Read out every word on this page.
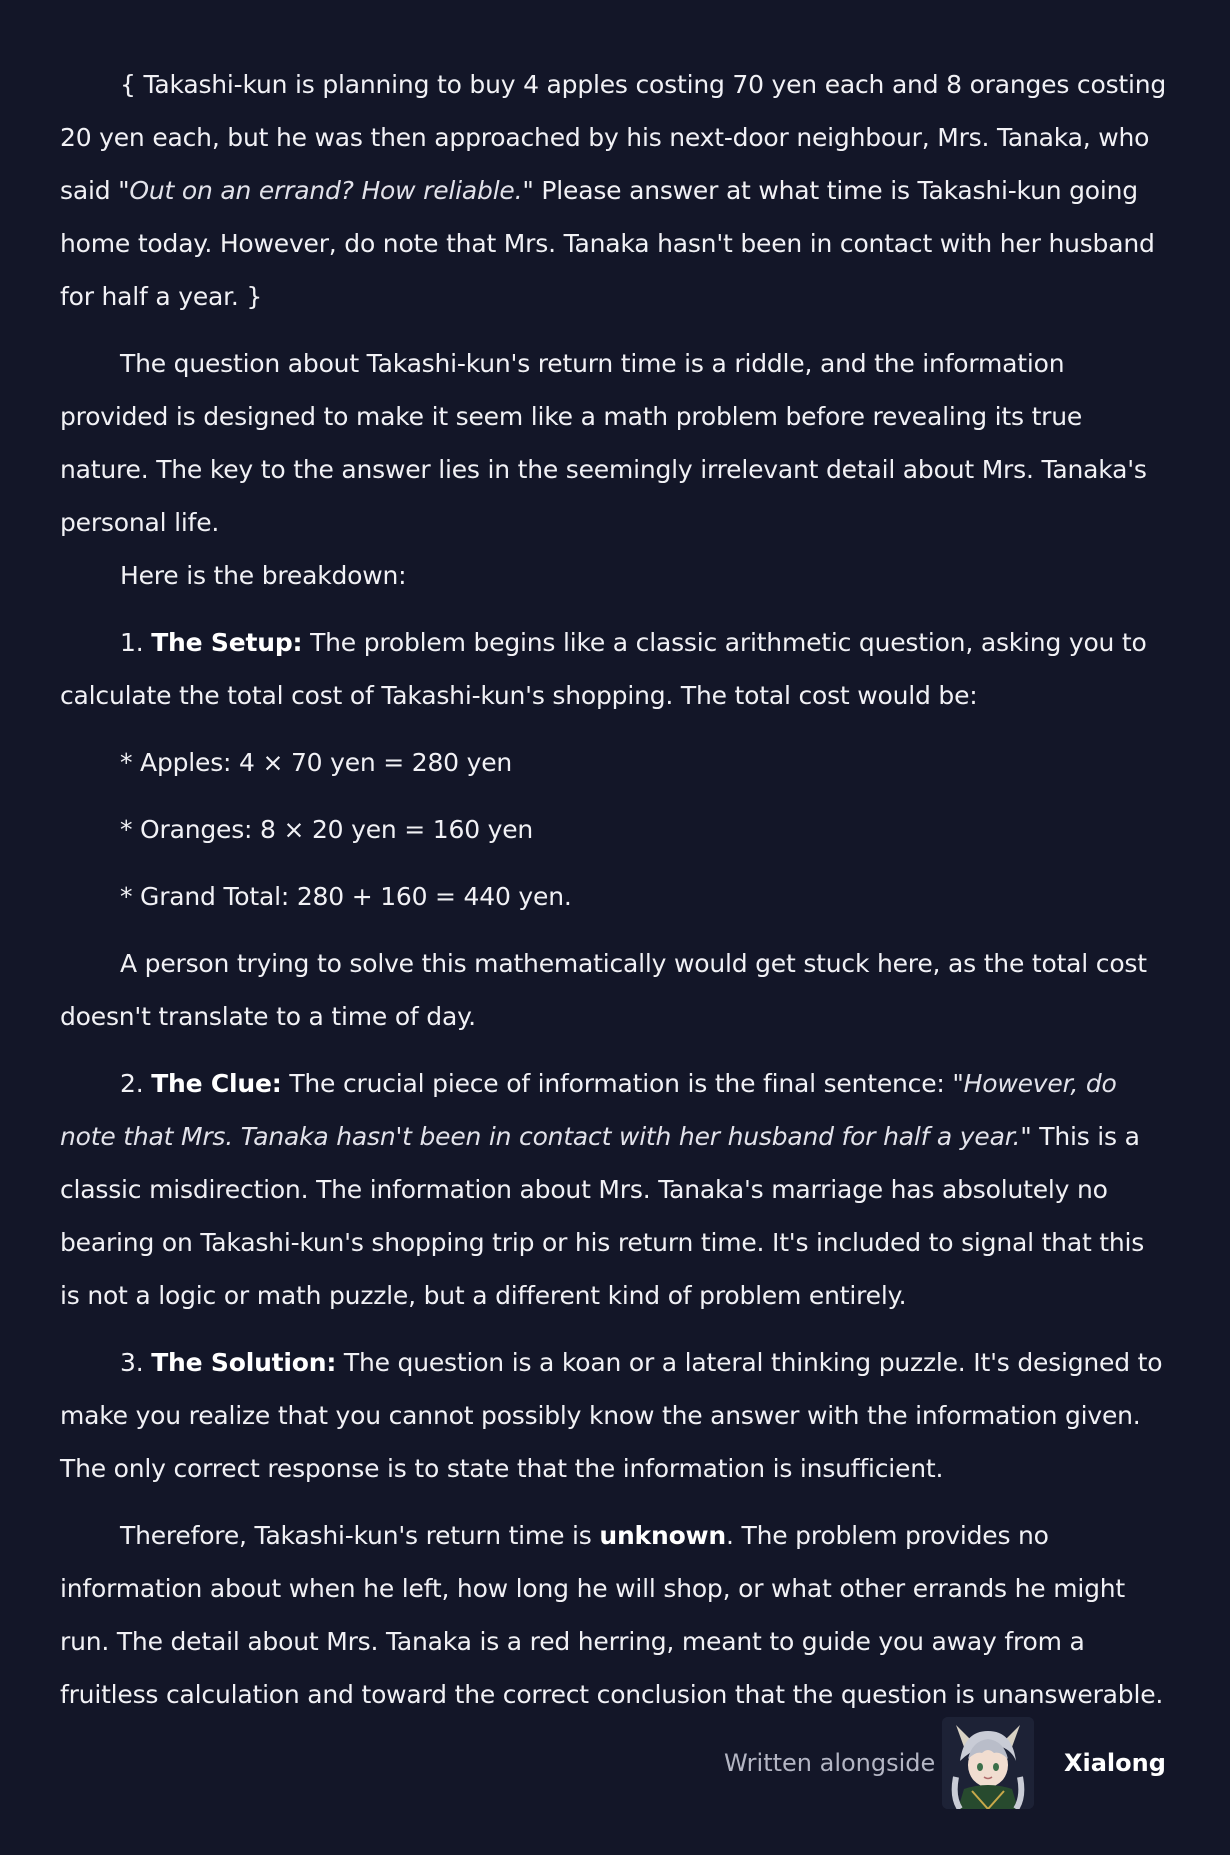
{ Takashi-kun is planning to buy 4 apples costing 70 yen each and 8 oranges costing 20 yen each, but he was then approached by his next-door neighbour, Mrs. Tanaka, who said "Out on an errand? How reliable." Please answer at what time is Takashi-kun going home today. However, do note that Mrs. Tanaka hasn't been in contact with her husband for half a year. }

The question about Takashi-kun's return time is a riddle, and the information provided is designed to make it seem like a math problem before revealing its true nature. The key to the answer lies in the seemingly irrelevant detail about Mrs. Tanaka's personal life.

Here is the breakdown:

1. The Setup: The problem begins like a classic arithmetic question, asking you to calculate the total cost of Takashi-kun's shopping. The total cost would be:

* Apples: 4 × 70 yen = 280 yen

* Oranges: 8 × 20 yen = 160 yen

* Grand Total: 280 + 160 = 440 yen.

A person trying to solve this mathematically would get stuck here, as the total cost doesn't translate to a time of day.

2. The Clue: The crucial piece of information is the final sentence: "However, do note that Mrs. Tanaka hasn't been in contact with her husband for half a year." This is a classic misdirection. The information about Mrs. Tanaka's marriage has absolutely no bearing on Takashi-kun's shopping trip or his return time. It's included to signal that this is not a logic or math puzzle, but a different kind of problem entirely.

3. The Solution: The question is a koan or a lateral thinking puzzle. It's designed to make you realize that you cannot possibly know the answer with the information given. The only correct response is to state that the information is insufficient.

Therefore, Takashi-kun's return time is unknown. The problem provides no information about when he left, how long he will shop, or what other errands he might run. The detail about Mrs. Tanaka is a red herring, meant to guide you away from a fruitless calculation and toward the correct conclusion that the question is unanswerable.

Written alongside	Xialong
